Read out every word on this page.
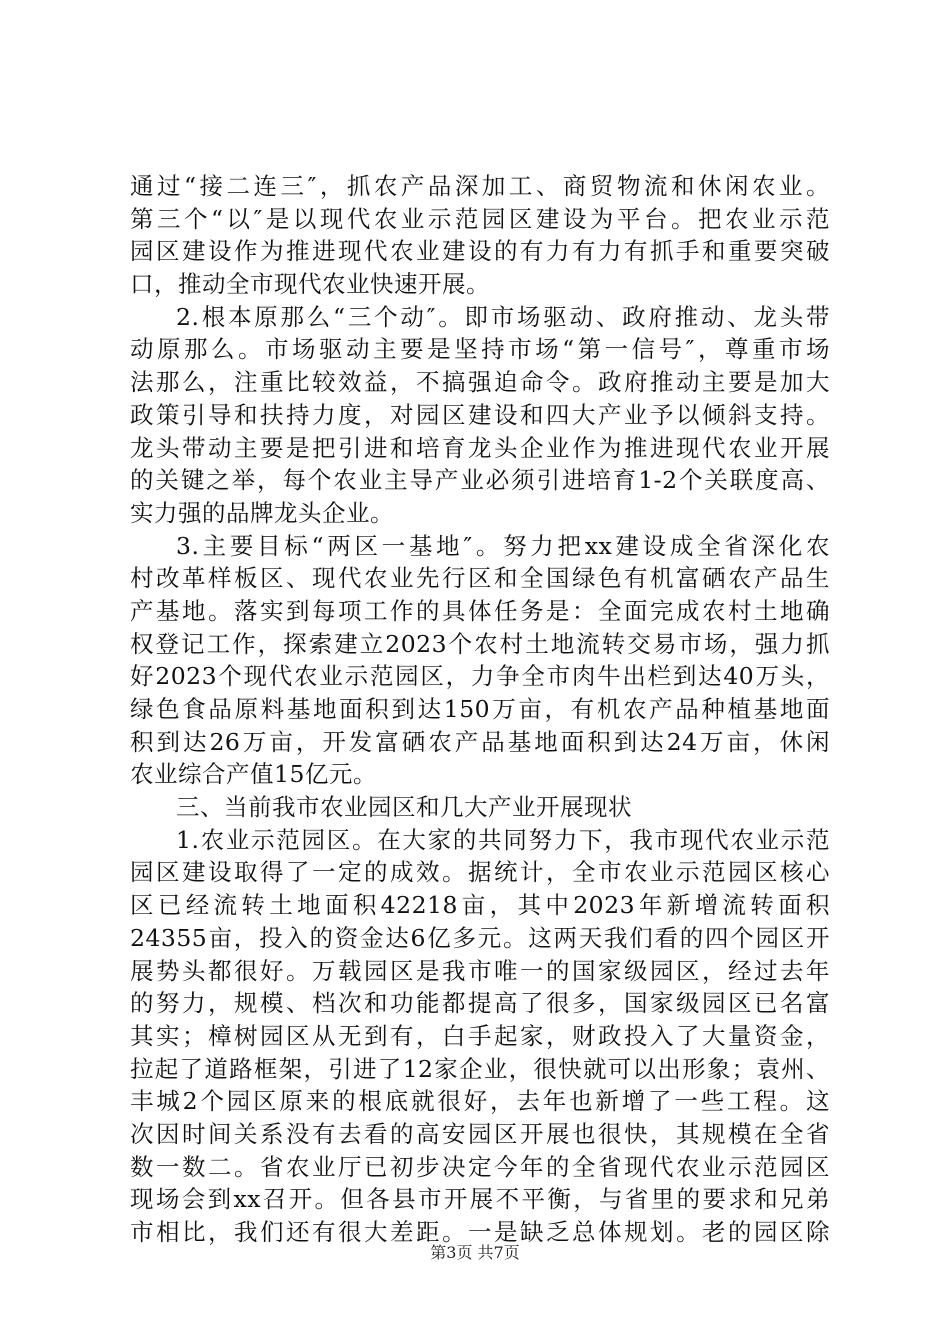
通过“接二连三″，抓农产品深加工、商贸物流和休闲农业。
第三个“以″是以现代农业示范园区建设为平台。把农业示范
园区建设作为推进现代农业建设的有力有力有抓手和重要突破
口，推动全市现代农业快速开展。
2.根本原那么“三个动″。即市场驱动、政府推动、龙头带
动原那么。市场驱动主要是坚持市场“第一信号″，尊重市场
法那么，注重比较效益，不搞强迫命令。政府推动主要是加大
政策引导和扶持力度，对园区建设和四大产业予以倾斜支持。
龙头带动主要是把引进和培育龙头企业作为推进现代农业开展
的关键之举，每个农业主导产业必须引进培育1-2个关联度高、
实力强的品牌龙头企业。
3.主要目标“两区一基地″。努力把xx建设成全省深化农
村改革样板区、现代农业先行区和全国绿色有机富硒农产品生
产基地。落实到每项工作的具体任务是：全面完成农村土地确
权登记工作，探索建立2023个农村土地流转交易市场，强力抓
好2023个现代农业示范园区，力争全市肉牛出栏到达40万头，
绿色食品原料基地面积到达150万亩，有机农产品种植基地面
积到达26万亩，开发富硒农产品基地面积到达24万亩，休闲
农业综合产值15亿元。
三、当前我市农业园区和几大产业开展现状
1.农业示范园区。在大家的共同努力下，我市现代农业示范
园区建设取得了一定的成效。据统计，全市农业示范园区核心
区已经流转土地面积42218亩，其中2023年新增流转面积
24355亩，投入的资金达6亿多元。这两天我们看的四个园区开
展势头都很好。万载园区是我市唯一的国家级园区，经过去年
的努力，规模、档次和功能都提高了很多，国家级园区已名富
其实；樟树园区从无到有，白手起家，财政投入了大量资金，
拉起了道路框架，引进了12家企业，很快就可以出形象；袁州、
丰城2个园区原来的根底就很好，去年也新增了一些工程。这
次因时间关系没有去看的高安园区开展也很快，其规模在全省
数一数二。省农业厅已初步决定今年的全省现代农业示范园区
现场会到xx召开。但各县市开展不平衡，与省里的要求和兄弟
市相比，我们还有很大差距。一是缺乏总体规划。老的园区除
第3页 共7页
